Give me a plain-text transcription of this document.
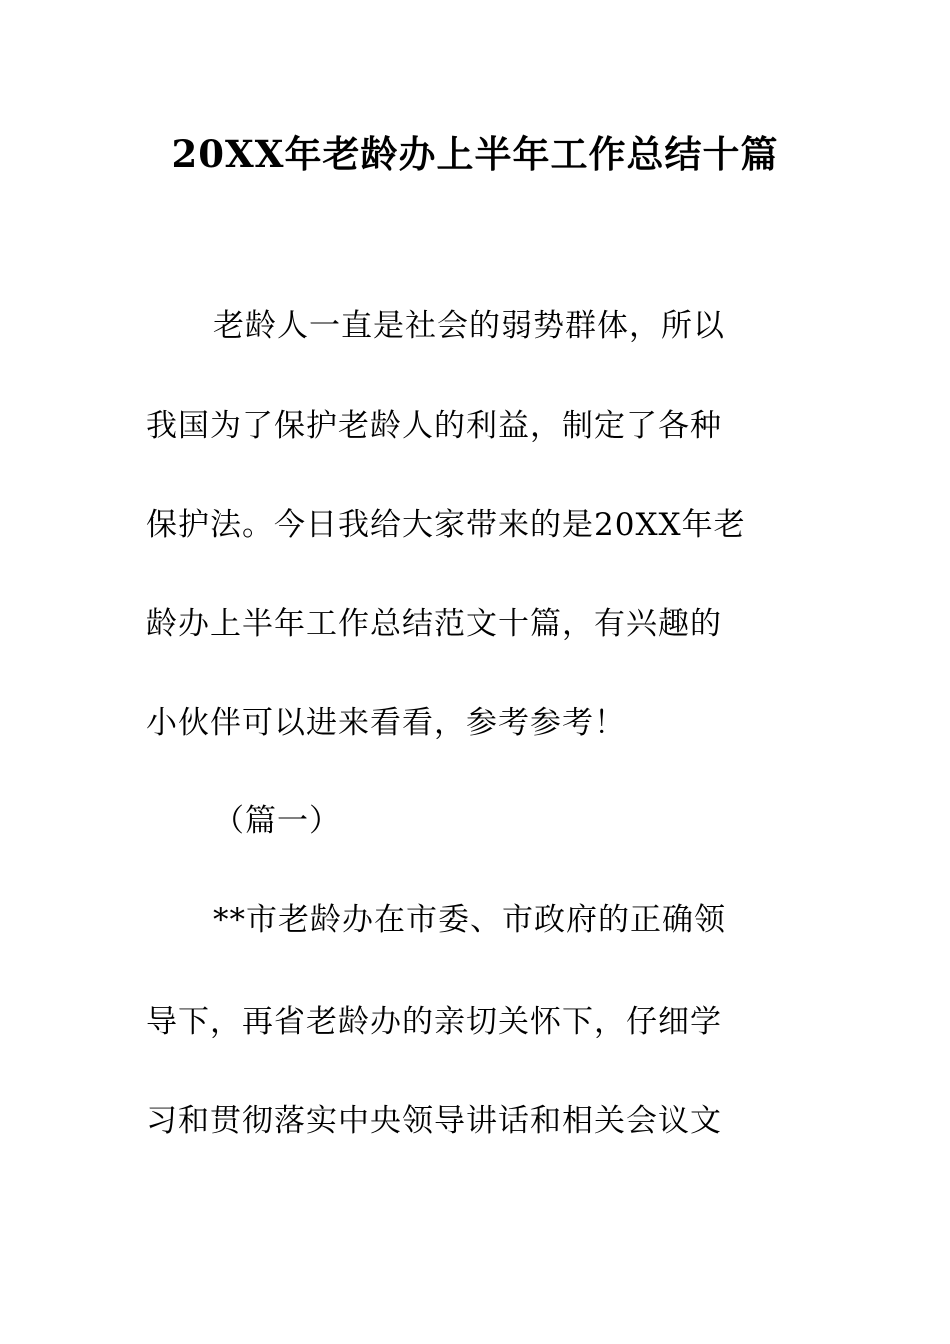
20XX年老龄办上半年工作总结十篇
老龄人一直是社会的弱势群体，所以
我国为了保护老龄人的利益，制定了各种
保护法。今日我给大家带来的是20XX年老
龄办上半年工作总结范文十篇，有兴趣的
小伙伴可以进来看看，参考参考！
（篇一）
**市老龄办在市委、市政府的正确领
导下，再省老龄办的亲切关怀下，仔细学
习和贯彻落实中央领导讲话和相关会议文
